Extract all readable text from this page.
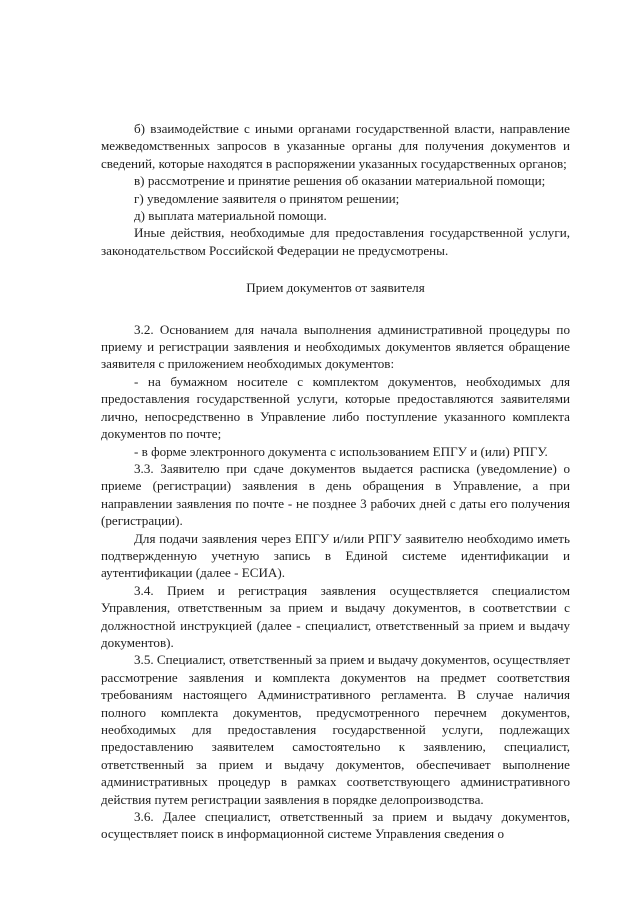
б) взаимодействие с иными органами государственной власти, направление межведомственных запросов в указанные органы для получения документов и сведений, которые находятся в распоряжении указанных государственных органов;

в) рассмотрение и принятие решения об оказании материальной помощи;

г) уведомление заявителя о принятом решении;

д) выплата материальной помощи.

Иные действия, необходимые для предоставления государственной услуги, законодательством Российской Федерации не предусмотрены.

Прием документов от заявителя

3.2. Основанием для начала выполнения административной процедуры по приему и регистрации заявления и необходимых документов является обращение заявителя с приложением необходимых документов:

- на бумажном носителе с комплектом документов, необходимых для предоставления государственной услуги, которые предоставляются заявителями лично, непосредственно в Управление либо поступление указанного комплекта документов по почте;

- в форме электронного документа с использованием ЕПГУ и (или) РПГУ.

3.3. Заявителю при сдаче документов выдается расписка (уведомление) о приеме (регистрации) заявления в день обращения в Управление, а при направлении заявления по почте - не позднее 3 рабочих дней с даты его получения (регистрации).

Для подачи заявления через ЕПГУ и/или РПГУ заявителю необходимо иметь подтвержденную учетную запись в Единой системе идентификации и аутентификации (далее - ЕСИА).

3.4. Прием и регистрация заявления осуществляется специалистом Управления, ответственным за прием и выдачу документов, в соответствии с должностной инструкцией (далее - специалист, ответственный за прием и выдачу документов).

3.5. Специалист, ответственный за прием и выдачу документов, осуществляет рассмотрение заявления и комплекта документов на предмет соответствия требованиям настоящего Административного регламента. В случае наличия полного комплекта документов, предусмотренного перечнем документов, необходимых для предоставления государственной услуги, подлежащих предоставлению заявителем самостоятельно к заявлению, специалист, ответственный за прием и выдачу документов, обеспечивает выполнение административных процедур в рамках соответствующего административного действия путем регистрации заявления в порядке делопроизводства.

3.6. Далее специалист, ответственный за прием и выдачу документов, осуществляет поиск в информационной системе Управления сведения о
